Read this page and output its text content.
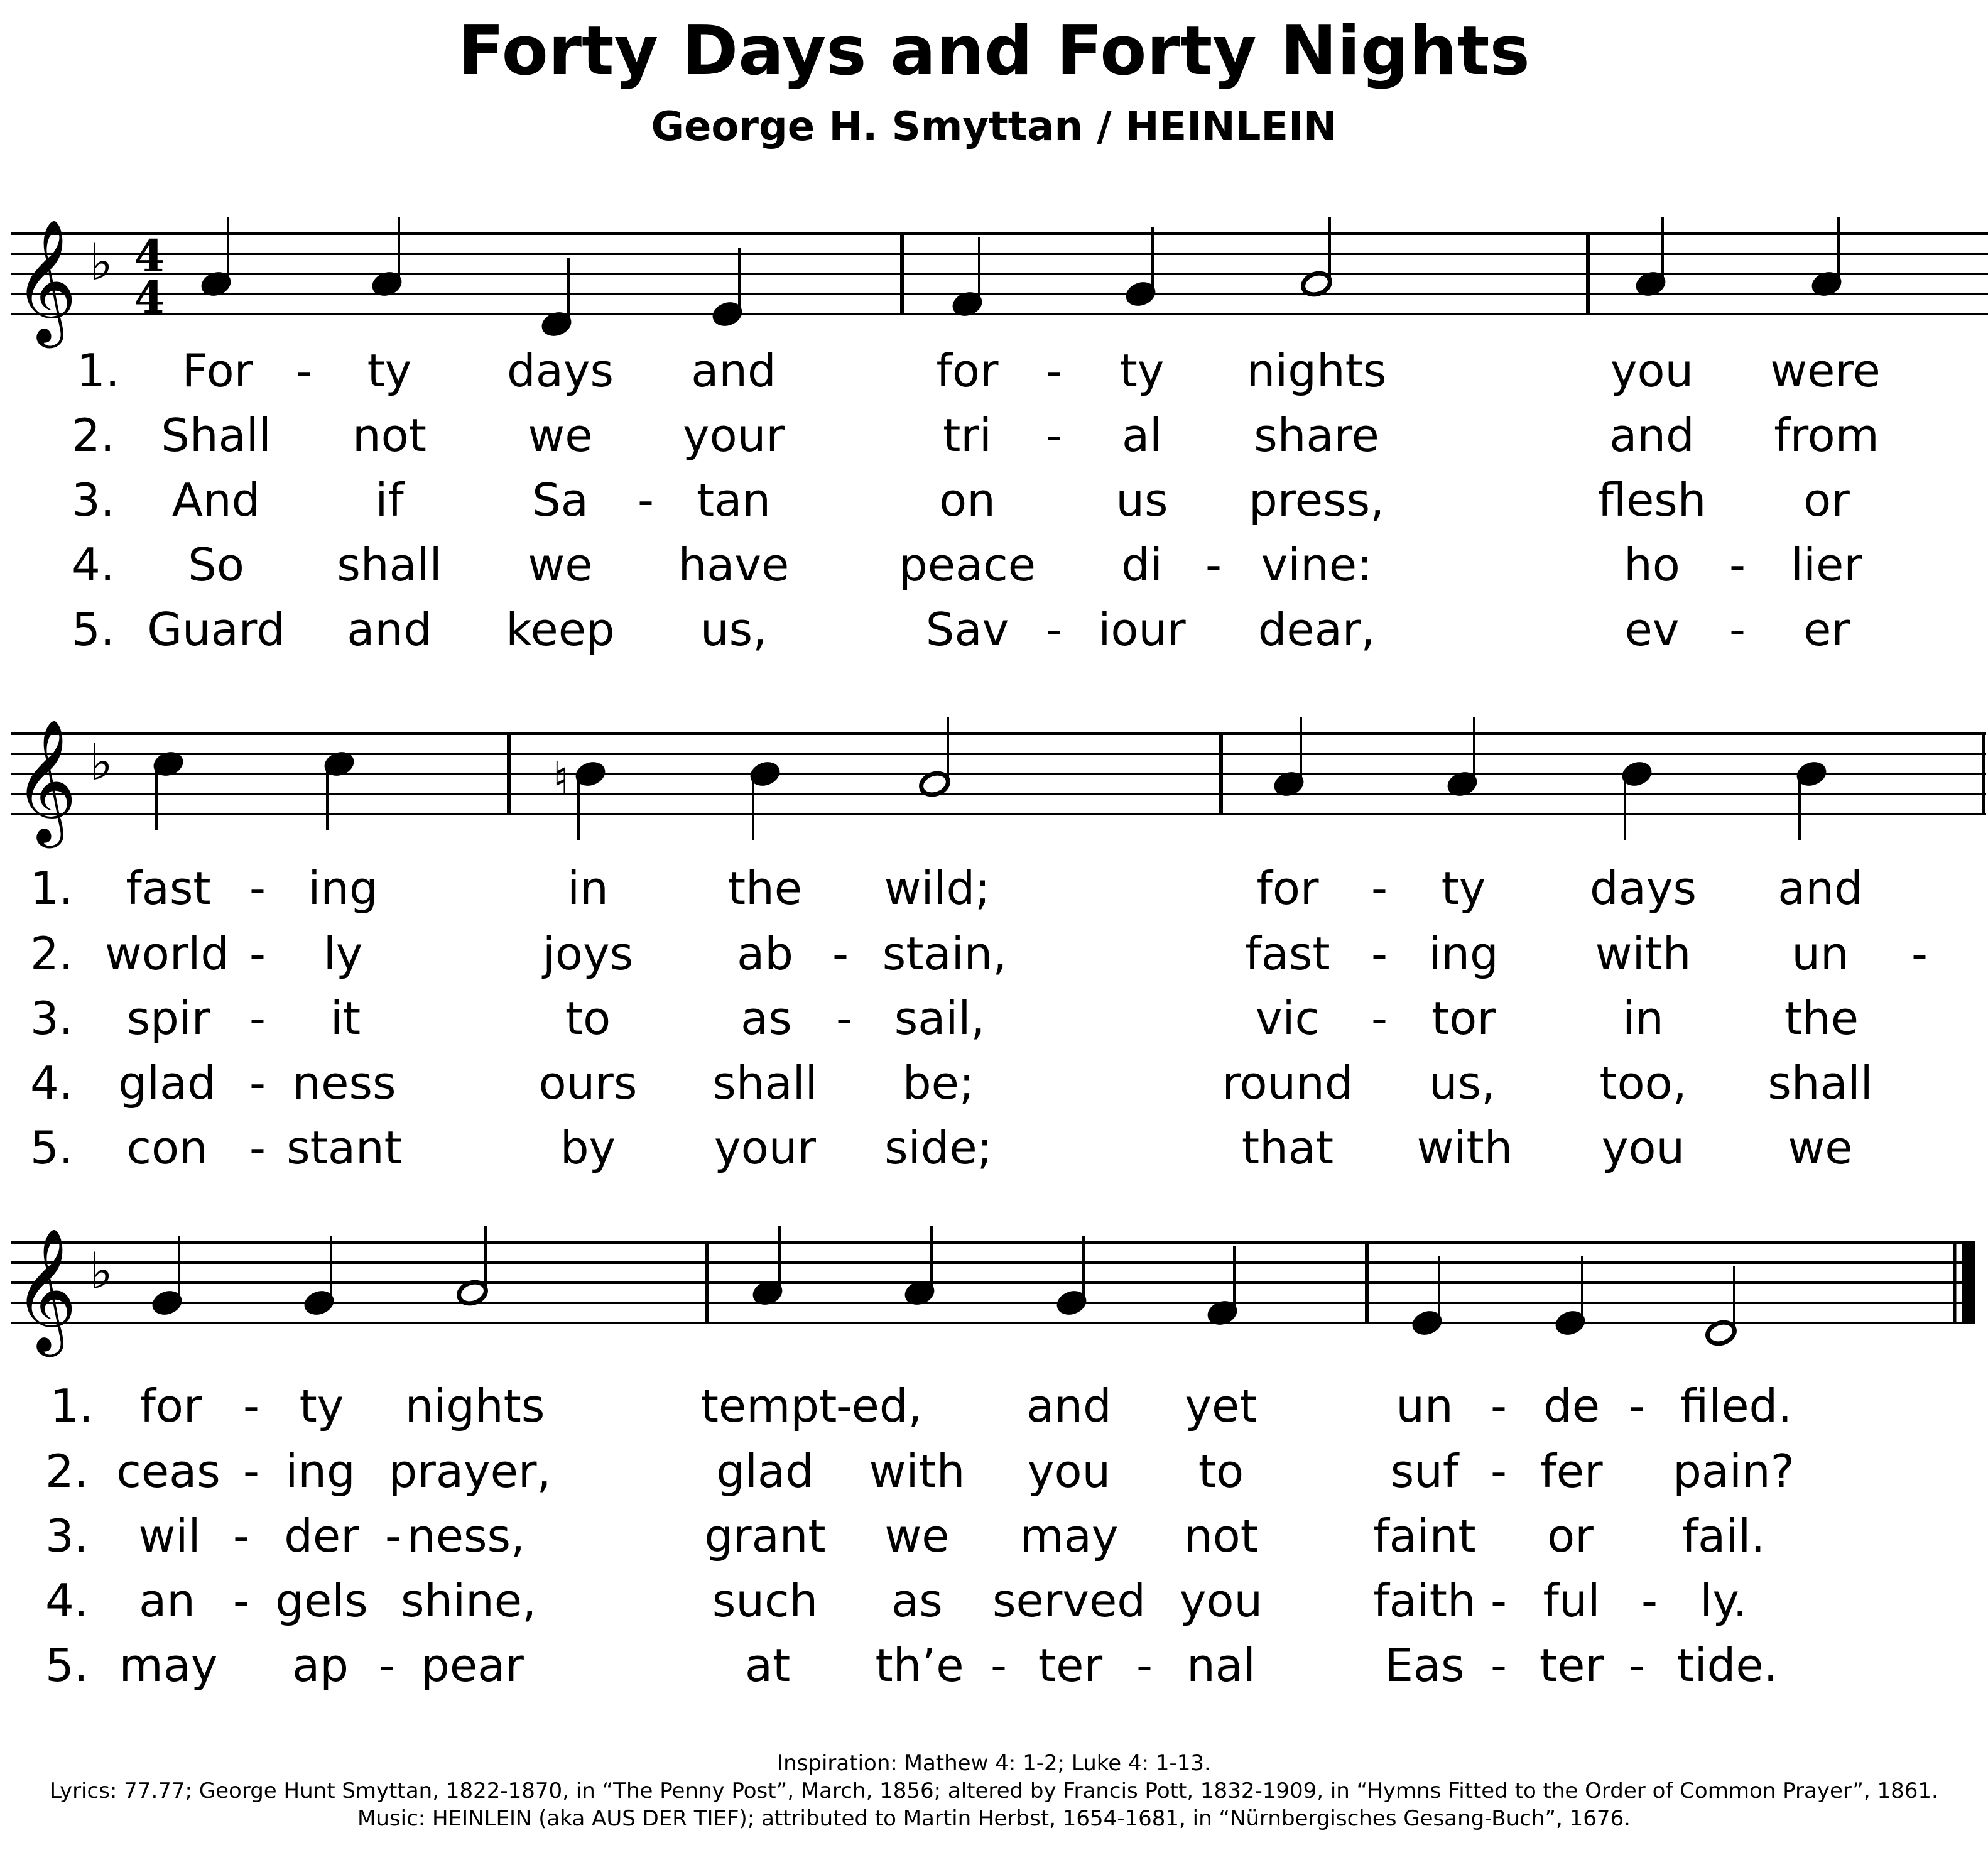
Forty Days and Forty Nights
George H. Smyttan / HEINLEIN
𝄞 ♭ 4
4
1. For - ty days and	for - ty nights	you were
2. Shall not we your	tri - al share	and from
3. And	if	Sa - tan	on	us press,	flesh or
4. So shall we have peace di - vine:	ho - lier
5. Guard and keep us,	Sav - iour dear,	ev - er
𝄞 ♭	♮
1. fast - ing	in	the wild;	for - ty days and
2. world - ly	joys ab - stain,	fast - ing with un -
3. spir - it	to	as - sail,	vic - tor	in	the
4. glad - ness	ours shall be;	round us, too, shall
5. con - stant	by your side;	that with you we
𝄞 ♭
1. for - ty nights	tempt
-
ed, and yet	un - de - filed.
2. ceas - ing prayer,	glad with you to	suf - fer pain?
3. wil - der - ness,	grant we may not	faint or fail.
4. an - gels shine,	such as served you faith - ful - ly.
5. may ap - pear	at th’e - ter - nal	Eas - ter - tide.
Inspiration: Mathew 4: 1-2; Luke 4: 1-13.
Lyrics: 77.77; George Hunt Smyttan, 1822-1870, in “The Penny Post”, March, 1856; altered by Francis Pott, 1832-1909, in “Hymns Fitted to the Order of Common Prayer”, 1861.
Music: HEINLEIN (aka AUS DER TIEF); attributed to Martin Herbst, 1654-1681, in “Nürnbergisches Gesang-Buch”, 1676.
